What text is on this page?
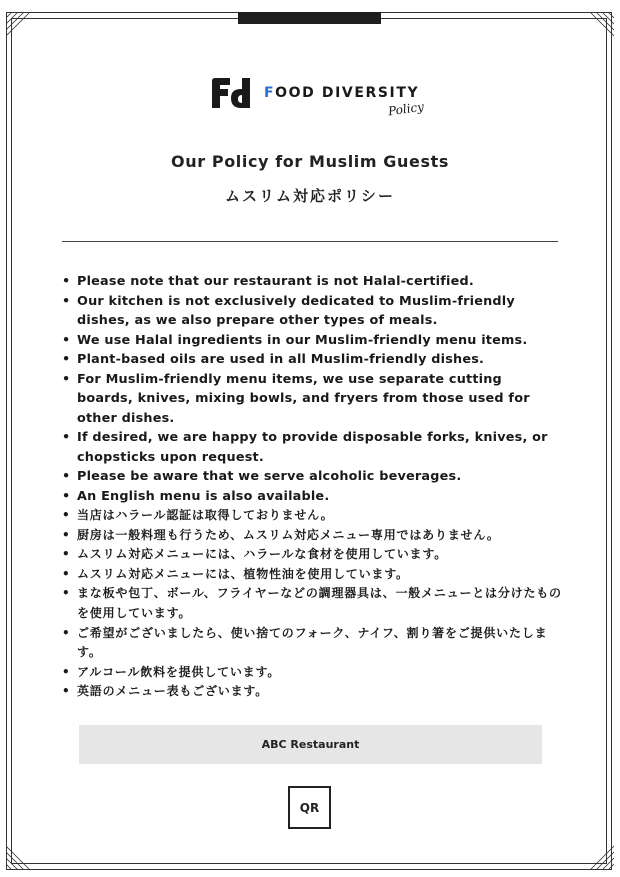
FOOD DIVERSITY
Policy
Our Policy for Muslim Guests
ムスリム対応ポリシー
• Please note that our restaurant is not Halal-certified.
• Our kitchen is not exclusively dedicated to Muslim-friendly dishes, as we also prepare other types of meals.
• We use Halal ingredients in our Muslim-friendly menu items.
• Plant-based oils are used in all Muslim-friendly dishes.
• For Muslim-friendly menu items, we use separate cutting boards, knives, mixing bowls, and fryers from those used for other dishes.
• If desired, we are happy to provide disposable forks, knives, or chopsticks upon request.
• Please be aware that we serve alcoholic beverages.
• An English menu is also available.
• 当店はハラール認証は取得しておりません。
• 厨房は一般料理も行うため、ムスリム対応メニュー専用ではありません。
• ムスリム対応メニューには、ハラールな食材を使用しています。
• ムスリム対応メニューには、植物性油を使用しています。
• まな板や包丁、ボール、フライヤーなどの調理器具は、一般メニューとは分けたものを使用しています。
• ご希望がございましたら、使い捨てのフォーク、ナイフ、割り箸をご提供いたします。
• アルコール飲料を提供しています。
• 英語のメニュー表もございます。
ABC Restaurant
QR
